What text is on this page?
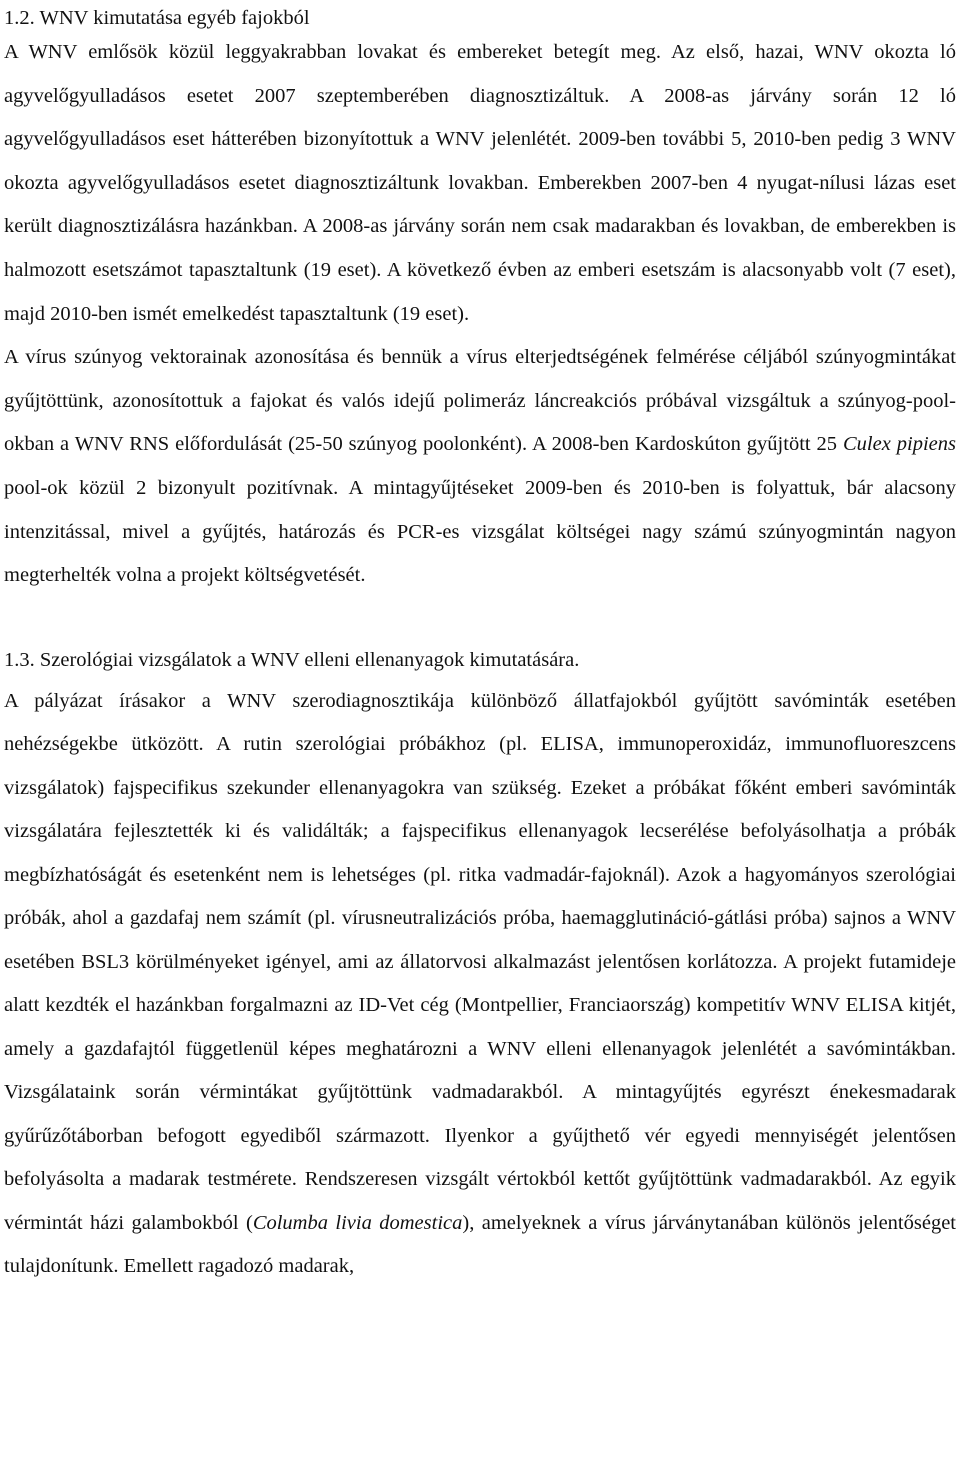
1.2. WNV kimutatása egyéb fajokból

A WNV emlősök közül leggyakrabban lovakat és embereket betegít meg. Az első, hazai, WNV okozta ló agyvelőgyulladásos esetet 2007 szeptemberében diagnosztizáltuk. A 2008-as járvány során 12 ló agyvelőgyulladásos eset hátterében bizonyítottuk a WNV jelenlétét. 2009-ben további 5, 2010-ben pedig 3 WNV okozta agyvelőgyulladásos esetet diagnosztizáltunk lovakban. Emberekben 2007-ben 4 nyugat-nílusi lázas eset került diagnosztizálásra hazánkban. A 2008-as járvány során nem csak madarakban és lovakban, de emberekben is halmozott esetszámot tapasztaltunk (19 eset). A következő évben az emberi esetszám is alacsonyabb volt (7 eset), majd 2010-ben ismét emelkedést tapasztaltunk (19 eset).

A vírus szúnyog vektorainak azonosítása és bennük a vírus elterjedtségének felmérése céljából szúnyogmintákat gyűjtöttünk, azonosítottuk a fajokat és valós idejű polimeráz láncreakciós próbával vizsgáltuk a szúnyog-pool-okban a WNV RNS előfordulását (25-50 szúnyog poolonként). A 2008-ben Kardoskúton gyűjtött 25 Culex pipiens pool-ok közül 2 bizonyult pozitívnak. A mintagyűjtéseket 2009-ben és 2010-ben is folyattuk, bár alacsony intenzitással, mivel a gyűjtés, határozás és PCR-es vizsgálat költségei nagy számú szúnyogmintán nagyon megterhelték volna a projekt költségvetését.

1.3. Szerológiai vizsgálatok a WNV elleni ellenanyagok kimutatására.

A pályázat írásakor a WNV szerodiagnosztikája különböző állatfajokból gyűjtött savóminták esetében nehézségekbe ütközött. A rutin szerológiai próbákhoz (pl. ELISA, immunoperoxidáz, immunofluoreszcens vizsgálatok) fajspecifikus szekunder ellenanyagokra van szükség. Ezeket a próbákat főként emberi savóminták vizsgálatára fejlesztették ki és validálták; a fajspecifikus ellenanyagok lecserélése befolyásolhatja a próbák megbízhatóságát és esetenként nem is lehetséges (pl. ritka vadmadár-fajoknál). Azok a hagyományos szerológiai próbák, ahol a gazdafaj nem számít (pl. vírusneutralizációs próba, haemagglutináció-gátlási próba) sajnos a WNV esetében BSL3 körülményeket igényel, ami az állatorvosi alkalmazást jelentősen korlátozza. A projekt futamideje alatt kezdték el hazánkban forgalmazni az ID-Vet cég (Montpellier, Franciaország) kompetitív WNV ELISA kitjét, amely a gazdafajtól függetlenül képes meghatározni a WNV elleni ellenanyagok jelenlétét a savómintákban. Vizsgálataink során vérmintákat gyűjtöttünk vadmadarakból. A mintagyűjtés egyrészt énekesmadarak gyűrűzőtáborban befogott egyediből származott. Ilyenkor a gyűjthető vér egyedi mennyiségét jelentősen befolyásolta a madarak testmérete. Rendszeresen vizsgált vértokból kettőt gyűjtöttünk vadmadarakból. Az egyik vérmintát házi galambokból (Columba livia domestica), amelyeknek a vírus járványtanában különös jelentőséget tulajdonítunk. Emellett ragadozó madarak,
